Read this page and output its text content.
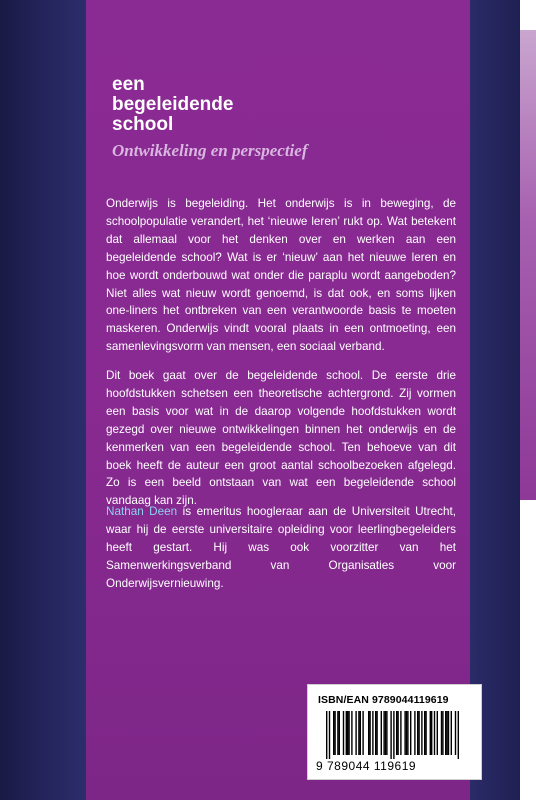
een
begeleidende
school
Ontwikkeling en perspectief
Onderwijs is begeleiding. Het onderwijs is in beweging, de schoolpopulatie verandert, het ‘nieuwe leren’ rukt op. Wat betekent dat allemaal voor het denken over en werken aan een begeleidende school? Wat is er ‘nieuw’ aan het nieuwe leren en hoe wordt onderbouwd wat onder die paraplu wordt aangeboden? Niet alles wat nieuw wordt genoemd, is dat ook, en soms lijken one-liners het ontbreken van een verantwoorde basis te moeten maskeren. Onderwijs vindt vooral plaats in een ontmoeting, een samenlevingsvorm van mensen, een sociaal verband.
Dit boek gaat over de begeleidende school. De eerste drie hoofdstukken schetsen een theoretische achtergrond. Zij vormen een basis voor wat in de daarop volgende hoofdstukken wordt gezegd over nieuwe ontwikkelingen binnen het onderwijs en de kenmerken van een begeleidende school. Ten behoeve van dit boek heeft de auteur een groot aantal schoolbezoeken afgelegd. Zo is een beeld ontstaan van wat een begeleidende school vandaag kan zijn.
Nathan Deen is emeritus hoogleraar aan de Universiteit Utrecht, waar hij de eerste universitaire opleiding voor leerlingbegeleiders heeft gestart. Hij was ook voorzitter van het Samenwerkingsverband van Organisaties voor Onderwijsvernieuwing.
ISBN/EAN 9789044119619
9 789044 119619
